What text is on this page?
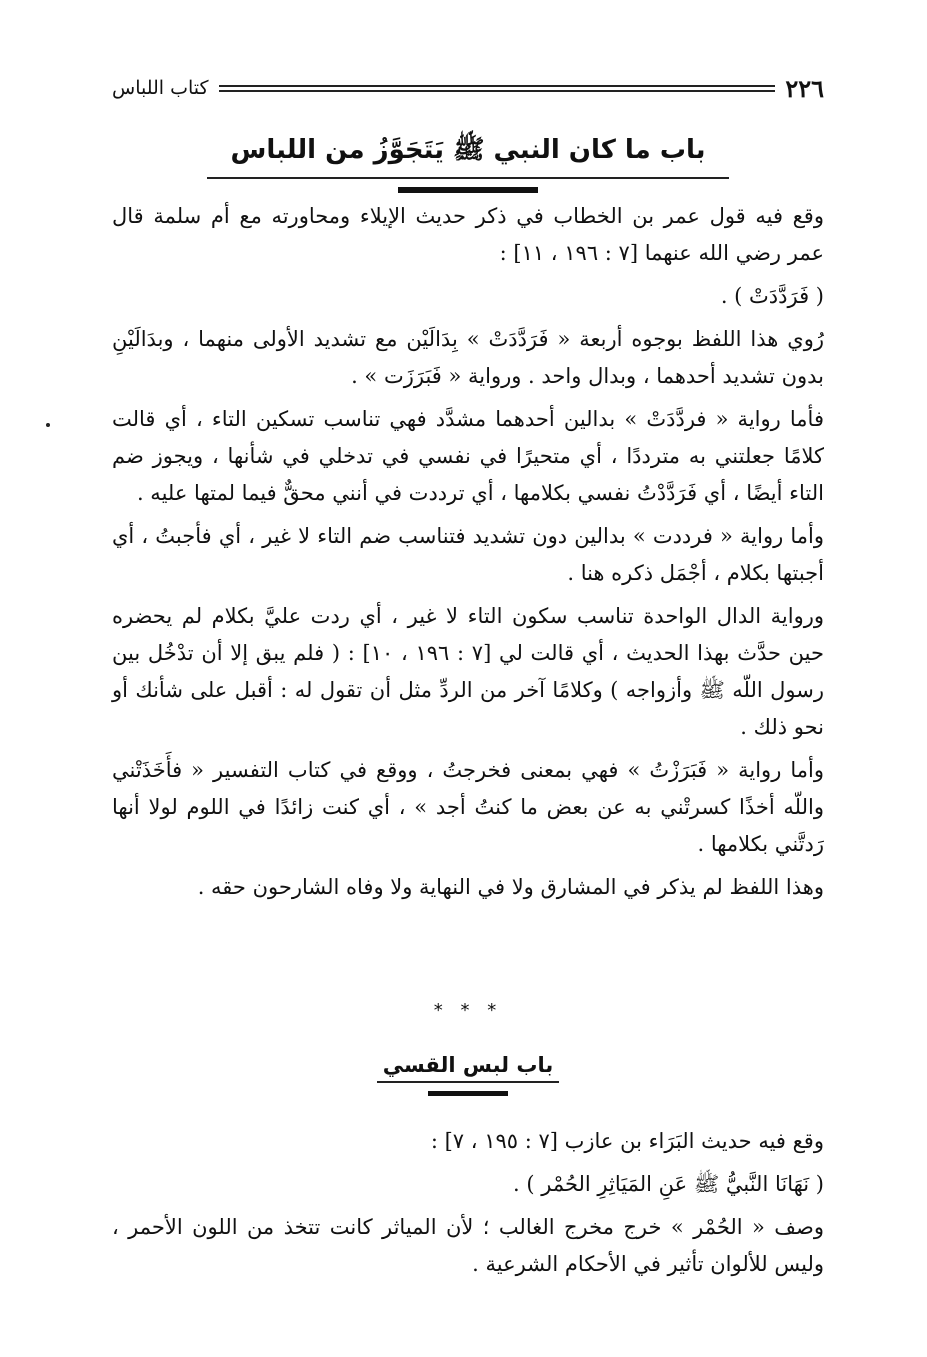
٢٢٦
كتاب اللباس
باب ما كان النبي ﷺ يَتَجَوَّزُ من اللباس

وقع فيه قول عمر بن الخطاب في ذكر حديث الإيلاء ومحاورته مع أم سلمة قال عمر رضي الله عنهما [٧ : ١٩٦ ، ١١] :

( فَرَدَّدَتْ ) .

رُوي هذا اللفظ بوجوه أربعة « فَرَدَّدَتْ » بِدَالَيْن مع تشديد الأولى منهما ، وبدَالَيْنِ بدون تشديد أحدهما ، وبدال واحد . ورواية « فَبَرَزَت » .

فأما رواية « فردَّدَتْ » بدالين أحدهما مشدَّد فهي تناسب تسكين التاء ، أي قالت كلامًا جعلتني به مترددًا ، أي متحيرًا في نفسي في تدخلي في شأنها ، ويجوز ضم التاء أيضًا ، أي فَرَدَّدْتُ نفسي بكلامها ، أي ترددت في أنني محقٌّ فيما لمتها عليه .

وأما رواية « فرددت » بدالين دون تشديد فتناسب ضم التاء لا غير ، أي فأجبتُ ، أي أجبتها بكلام ، أجْمَل ذكره هنا .

ورواية الدال الواحدة تناسب سكون التاء لا غير ، أي ردت عليَّ بكلام لم يحضره حين حدَّث بهذا الحديث ، أي قالت لي [٧ : ١٩٦ ، ١٠] : ( فلم يبق إلا أن تدْخُل بين رسول اللّه ﷺ وأزواجه ) وكلامًا آخر من الردِّ مثل أن تقول له : أقبل على شأنك أو نحو ذلك .

وأما رواية « فَبَرَزْتُ » فهي بمعنى فخرجتُ ، ووقع في كتاب التفسير « فأَخَذَتْني واللّه أخذًا كسرتْني به عن بعض ما كنتُ أجد » ، أي كنت زائدًا في اللوم لولا أنها رَدتَّني بكلامها .

وهذا اللفظ لم يذكر في المشارق ولا في النهاية ولا وفاه الشارحون حقه .

* * *
باب لبس القسي

وقع فيه حديث البَرَاء بن عازب [٧ : ١٩٥ ، ٧] :

( نَهَانَا النَّبيُّ ﷺ عَنِ المَيَاثِرِ الحُمْر ) .

وصف « الحُمْر » خرج مخرج الغالب ؛ لأن المياثر كانت تتخذ من اللون الأحمر ، وليس للألوان تأثير في الأحكام الشرعية .
